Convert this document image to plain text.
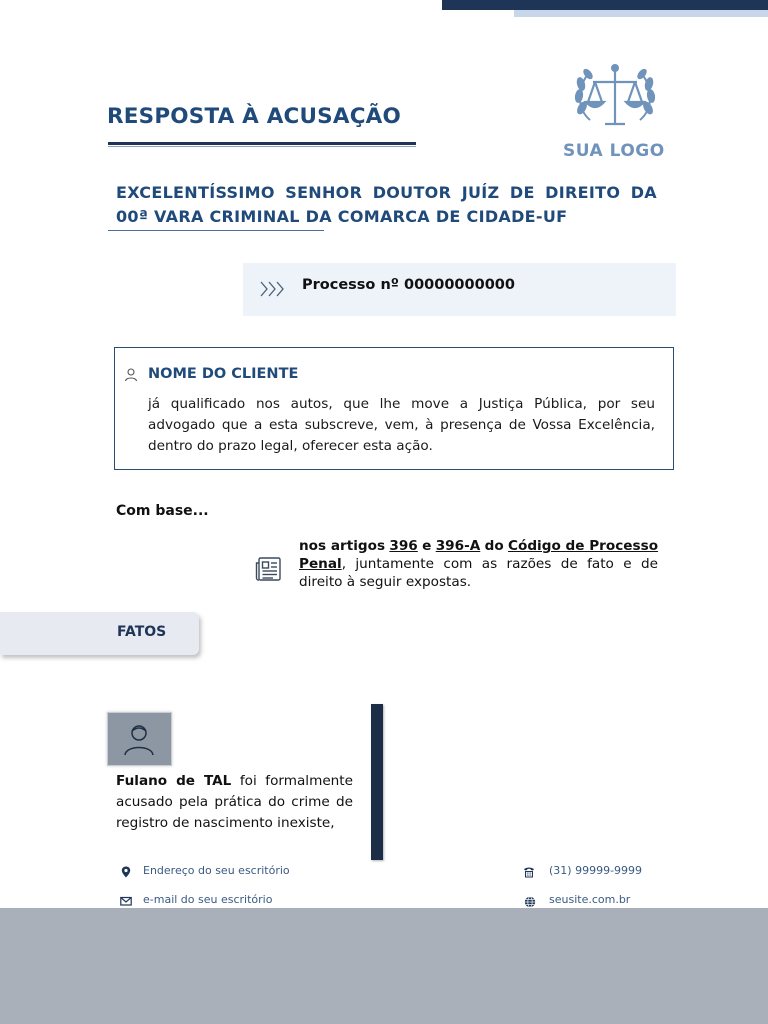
RESPOSTA À ACUSAÇÃO
SUA LOGO
EXCELENTÍSSIMO SENHOR DOUTOR JUÍZ DE DIREITO DA 00ª VARA CRIMINAL DA COMARCA DE CIDADE-UF
Processo nº 00000000000
NOME DO CLIENTE
já qualificado nos autos, que lhe move a Justiça Pública, por seu advogado que a esta subscreve, vem, à presença de Vossa Excelência, dentro do prazo legal, oferecer esta ação.
Com base...
nos artigos 396 e 396-A do Código de Processo Penal, juntamente com as razões de fato e de direito à seguir expostas.
FATOS
Fulano de TAL foi formalmente acusado pela prática do crime de registro de nascimento inexiste,
Endereço do seu escritório
e-mail do seu escritório
(31) 99999-9999
seusite.com.br
